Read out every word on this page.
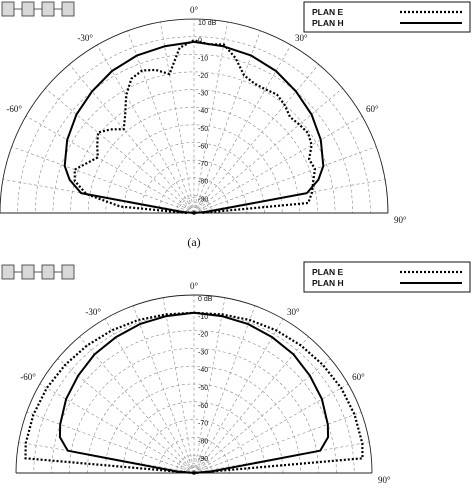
10 dB
0
-10
-20
-30
-40
-50
-60
-70
-80
-90
0°
30°
60°
90°
-30°
-60°
PLAN E
PLAN H
(a)
0 dB
-10
-20
-30
-40
-50
-60
-70
-80
-90
0°
30°
60°
90°
-30°
-60°
PLAN E
PLAN H
